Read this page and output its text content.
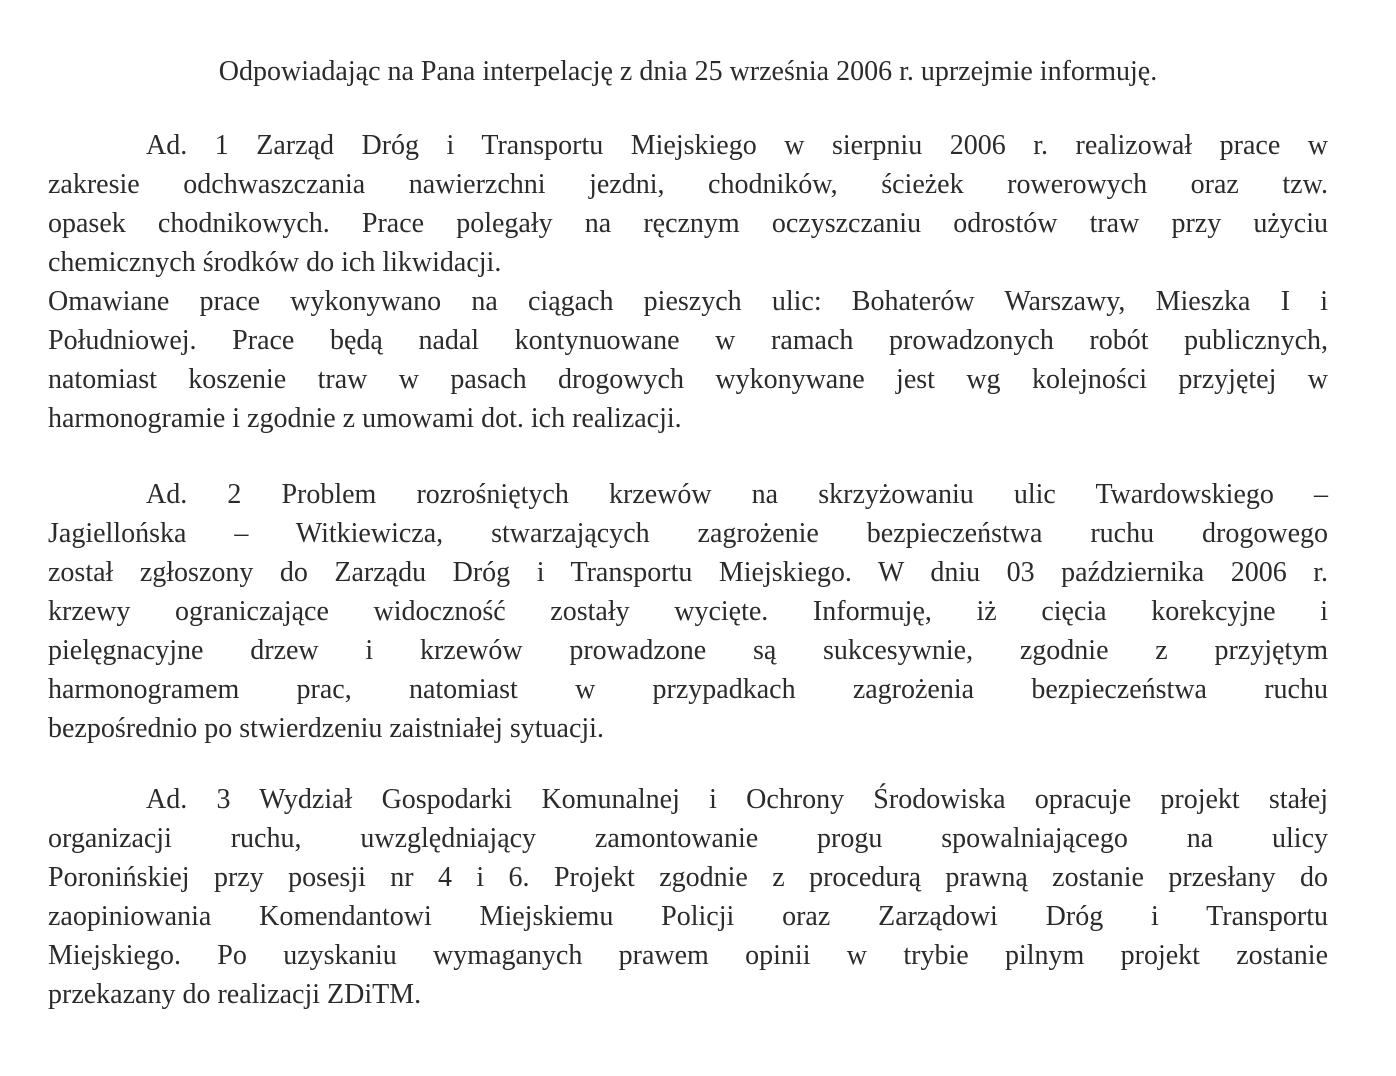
Odpowiadając na Pana interpelację z dnia 25 września 2006 r. uprzejmie informuję.
Ad. 1 Zarząd Dróg i Transportu Miejskiego w sierpniu 2006 r. realizował prace w
zakresie odchwaszczania nawierzchni jezdni, chodników, ścieżek rowerowych oraz tzw.
opasek chodnikowych. Prace polegały na ręcznym oczyszczaniu odrostów traw przy użyciu
chemicznych środków do ich likwidacji.
Omawiane prace wykonywano na ciągach pieszych ulic: Bohaterów Warszawy, Mieszka I i
Południowej. Prace będą nadal kontynuowane w ramach prowadzonych robót publicznych,
natomiast koszenie traw w pasach drogowych wykonywane jest wg kolejności przyjętej w
harmonogramie i zgodnie z umowami dot. ich realizacji.
Ad. 2 Problem rozrośniętych krzewów na skrzyżowaniu ulic Twardowskiego –
Jagiellońska – Witkiewicza, stwarzających zagrożenie bezpieczeństwa ruchu drogowego
został zgłoszony do Zarządu Dróg i Transportu Miejskiego. W dniu 03 października 2006 r.
krzewy ograniczające widoczność zostały wycięte. Informuję, iż cięcia korekcyjne i
pielęgnacyjne drzew i krzewów prowadzone są sukcesywnie, zgodnie z przyjętym
harmonogramem prac, natomiast w przypadkach zagrożenia bezpieczeństwa ruchu
bezpośrednio po stwierdzeniu zaistniałej sytuacji.
Ad. 3 Wydział Gospodarki Komunalnej i Ochrony Środowiska opracuje projekt stałej
organizacji ruchu, uwzględniający zamontowanie progu spowalniającego na ulicy
Poronińskiej przy posesji nr 4 i 6. Projekt zgodnie z procedurą prawną zostanie przesłany do
zaopiniowania Komendantowi Miejskiemu Policji oraz Zarządowi Dróg i Transportu
Miejskiego. Po uzyskaniu wymaganych prawem opinii w trybie pilnym projekt zostanie
przekazany do realizacji ZDiTM.
